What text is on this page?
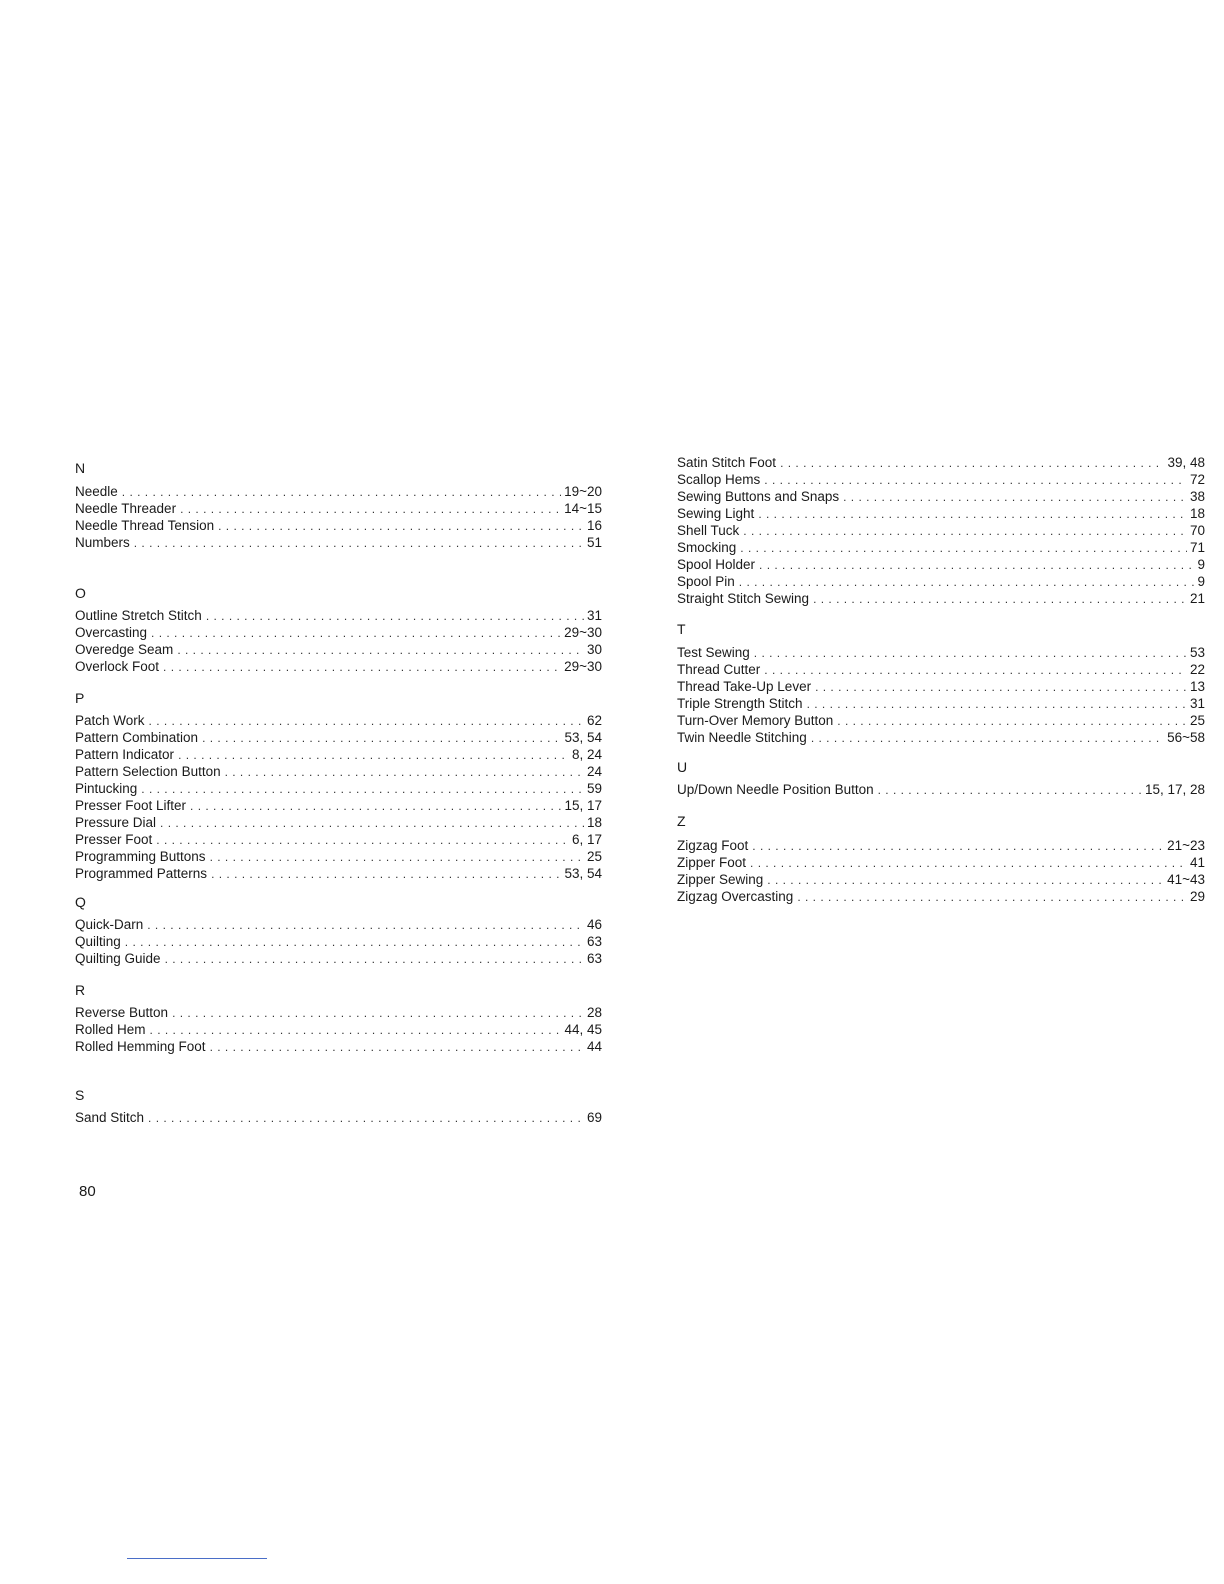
N
Needle . . .	19~20
Needle Threader . . .	14~15
Needle Thread Tension . . .	16
Numbers . . .	51
O
Outline Stretch Stitch . . .	31
Overcasting . . .	29~30
Overedge Seam . . .	30
Overlock Foot . . .	29~30
P
Patch Work . . .	62
Pattern Combination . . .	53, 54
Pattern Indicator . . .	8, 24
Pattern Selection Button . . .	24
Pintucking . . .	59
Presser Foot Lifter . . .	15, 17
Pressure Dial . . .	18
Presser Foot . . .	6, 17
Programming Buttons . . .	25
Programmed Patterns . . .	53, 54
Q
Quick-Darn . . .	46
Quilting . . .	63
Quilting Guide . . .	63
R
Reverse Button . . .	28
Rolled Hem . . .	44, 45
Rolled Hemming Foot . . .	44
S
Sand Stitch . . .	69
Satin Stitch Foot . . .	39, 48
Scallop Hems . . .	72
Sewing Buttons and Snaps . . .	38
Sewing Light . . .	18
Shell Tuck . . .	70
Smocking . . .	71
Spool Holder . . .	9
Spool Pin . . .	9
Straight Stitch Sewing . . .	21
T
Test Sewing . . .	53
Thread Cutter . . .	22
Thread Take-Up Lever . . .	13
Triple Strength Stitch . . .	31
Turn-Over Memory Button . . .	25
Twin Needle Stitching . . .	56~58
U
Up/Down Needle Position Button . . .	15, 17, 28
Z
Zigzag Foot . . .	21~23
Zipper Foot . . .	41
Zipper Sewing . . .	41~43
Zigzag Overcasting . . .	29
80
